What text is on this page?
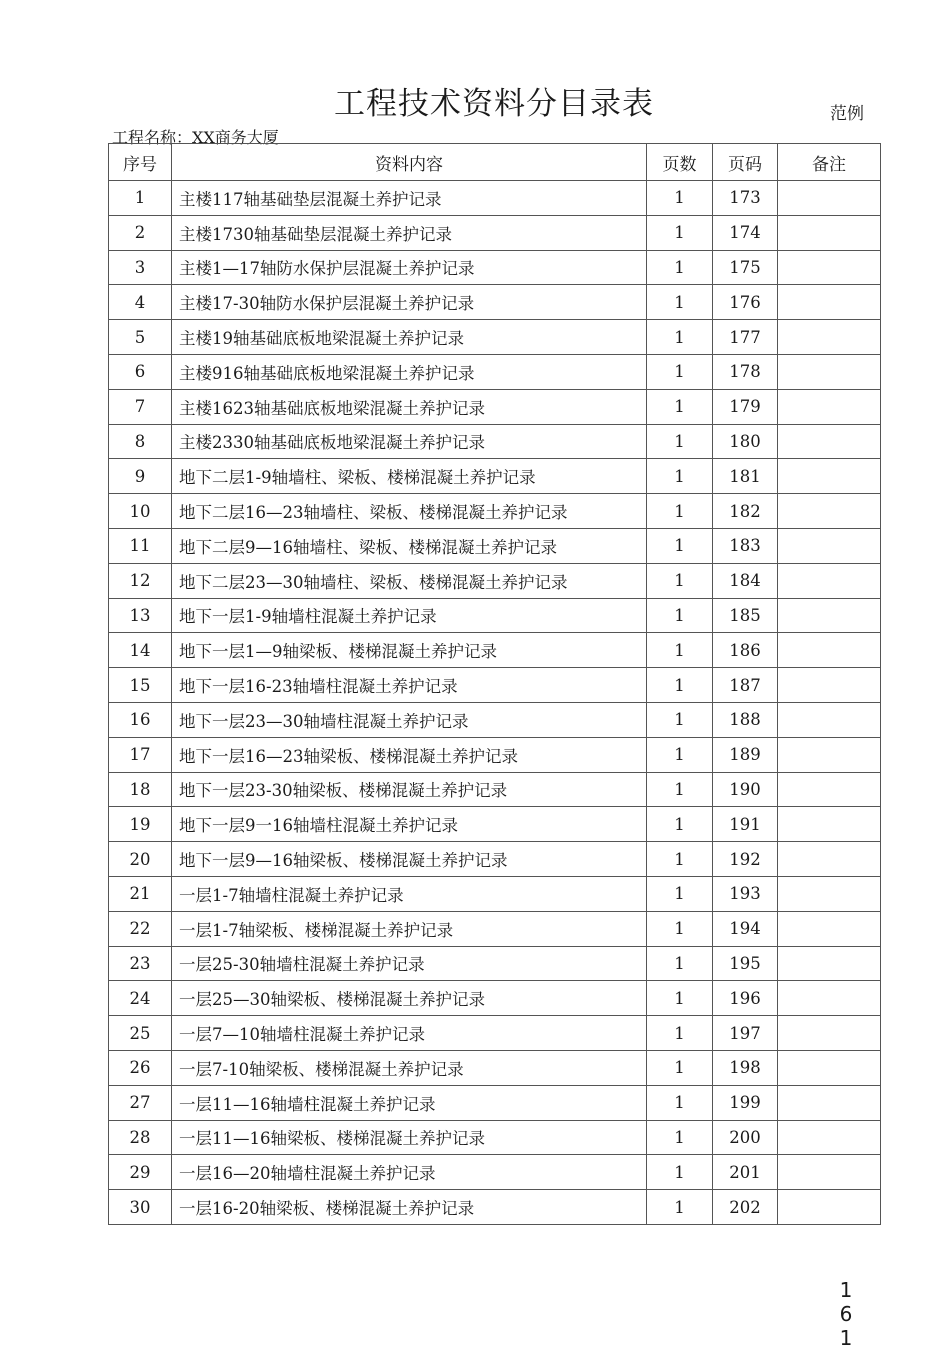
工程技术资料分目录表	范例
工程名称：XX商务大厦
序号	资料内容	页数	页码	备注
1	主楼117轴基础垫层混凝土养护记录	1	173	
2	主楼1730轴基础垫层混凝土养护记录	1	174	
3	主楼1—17轴防水保护层混凝土养护记录	1	175	
4	主楼17-30轴防水保护层混凝土养护记录	1	176	
5	主楼19轴基础底板地梁混凝土养护记录	1	177	
6	主楼916轴基础底板地梁混凝土养护记录	1	178	
7	主楼1623轴基础底板地梁混凝土养护记录	1	179	
8	主楼2330轴基础底板地梁混凝土养护记录	1	180	
9	地下二层1-9轴墙柱、梁板、楼梯混凝土养护记录	1	181	
10	地下二层16—23轴墙柱、梁板、楼梯混凝土养护记录	1	182	
11	地下二层9—16轴墙柱、梁板、楼梯混凝土养护记录	1	183	
12	地下二层23—30轴墙柱、梁板、楼梯混凝土养护记录	1	184	
13	地下一层1-9轴墙柱混凝土养护记录	1	185	
14	地下一层1—9轴梁板、楼梯混凝土养护记录	1	186	
15	地下一层16-23轴墙柱混凝土养护记录	1	187	
16	地下一层23—30轴墙柱混凝土养护记录	1	188	
17	地下一层16—23轴梁板、楼梯混凝土养护记录	1	189	
18	地下一层23-30轴梁板、楼梯混凝土养护记录	1	190	
19	地下一层9一16轴墙柱混凝土养护记录	1	191	
20	地下一层9—16轴梁板、楼梯混凝土养护记录	1	192	
21	一层1-7轴墙柱混凝土养护记录	1	193	
22	一层1-7轴梁板、楼梯混凝土养护记录	1	194	
23	一层25-30轴墙柱混凝土养护记录	1	195	
24	一层25—30轴梁板、楼梯混凝土养护记录	1	196	
25	一层7—10轴墙柱混凝土养护记录	1	197	
26	一层7-10轴梁板、楼梯混凝土养护记录	1	198	
27	一层11—16轴墙柱混凝土养护记录	1	199	
28	一层11—16轴梁板、楼梯混凝土养护记录	1	200	
29	一层16—20轴墙柱混凝土养护记录	1	201	
30	一层16-20轴梁板、楼梯混凝土养护记录	1	202	
1
6
1
